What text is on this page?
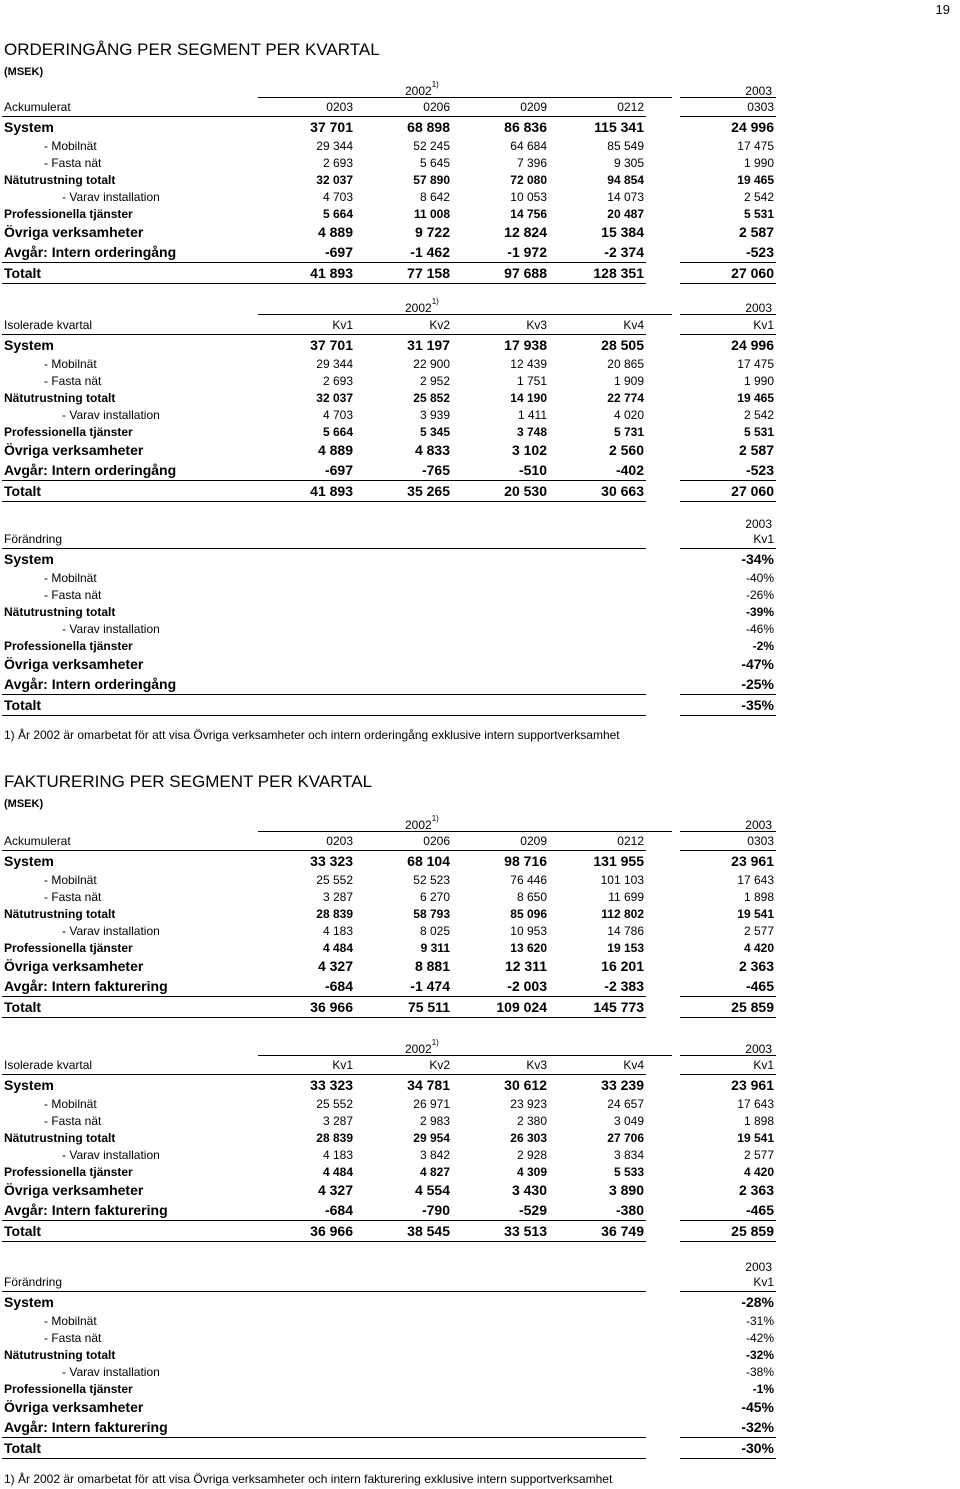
19
ORDERINGÅNG PER SEGMENT PER KVARTAL
(MSEK)
2002$^{1)}$	2003
Ackumulerat	0203	0206	0209	0212		0303
System	37 701	68 898	86 836	115 341		24 996
- Mobilnät	29 344	52 245	64 684	85 549		17 475
- Fasta nät	2 693	5 645	7 396	9 305		1 990
Nätutrustning totalt	32 037	57 890	72 080	94 854		19 465
- Varav installation	4 703	8 642	10 053	14 073		2 542
Professionella tjänster	5 664	11 008	14 756	20 487		5 531
Övriga verksamheter	4 889	9 722	12 824	15 384		2 587
Avgår: Intern orderingång	-697	-1 462	-1 972	-2 374		-523
Totalt	41 893	77 158	97 688	128 351		27 060
2002$^{1)}$	2003
Isolerade kvartal	Kv1	Kv2	Kv3	Kv4		Kv1
System	37 701	31 197	17 938	28 505		24 996
- Mobilnät	29 344	22 900	12 439	20 865		17 475
- Fasta nät	2 693	2 952	1 751	1 909		1 990
Nätutrustning totalt	32 037	25 852	14 190	22 774		19 465
- Varav installation	4 703	3 939	1 411	4 020		2 542
Professionella tjänster	5 664	5 345	3 748	5 731		5 531
Övriga verksamheter	4 889	4 833	3 102	2 560		2 587
Avgår: Intern orderingång	-697	-765	-510	-402		-523
Totalt	41 893	35 265	20 530	30 663		27 060
2003
Förändring		Kv1
System		-34%
- Mobilnät		-40%
- Fasta nät		-26%
Nätutrustning totalt		-39%
- Varav installation		-46%
Professionella tjänster		-2%
Övriga verksamheter		-47%
Avgår: Intern orderingång		-25%
Totalt		-35%
1) År 2002 är omarbetat för att visa Övriga verksamheter och intern orderingång exklusive intern supportverksamhet
FAKTURERING PER SEGMENT PER KVARTAL
(MSEK)
2002$^{1)}$	2003
Ackumulerat	0203	0206	0209	0212		0303
System	33 323	68 104	98 716	131 955		23 961
- Mobilnät	25 552	52 523	76 446	101 103		17 643
- Fasta nät	3 287	6 270	8 650	11 699		1 898
Nätutrustning totalt	28 839	58 793	85 096	112 802		19 541
- Varav installation	4 183	8 025	10 953	14 786		2 577
Professionella tjänster	4 484	9 311	13 620	19 153		4 420
Övriga verksamheter	4 327	8 881	12 311	16 201		2 363
Avgår: Intern fakturering	-684	-1 474	-2 003	-2 383		-465
Totalt	36 966	75 511	109 024	145 773		25 859
2002$^{1)}$	2003
Isolerade kvartal	Kv1	Kv2	Kv3	Kv4		Kv1
System	33 323	34 781	30 612	33 239		23 961
- Mobilnät	25 552	26 971	23 923	24 657		17 643
- Fasta nät	3 287	2 983	2 380	3 049		1 898
Nätutrustning totalt	28 839	29 954	26 303	27 706		19 541
- Varav installation	4 183	3 842	2 928	3 834		2 577
Professionella tjänster	4 484	4 827	4 309	5 533		4 420
Övriga verksamheter	4 327	4 554	3 430	3 890		2 363
Avgår: Intern fakturering	-684	-790	-529	-380		-465
Totalt	36 966	38 545	33 513	36 749		25 859
2003
Förändring		Kv1
System		-28%
- Mobilnät		-31%
- Fasta nät		-42%
Nätutrustning totalt		-32%
- Varav installation		-38%
Professionella tjänster		-1%
Övriga verksamheter		-45%
Avgår: Intern fakturering		-32%
Totalt		-30%
1) År 2002 är omarbetat för att visa Övriga verksamheter och intern fakturering exklusive intern supportverksamhet
